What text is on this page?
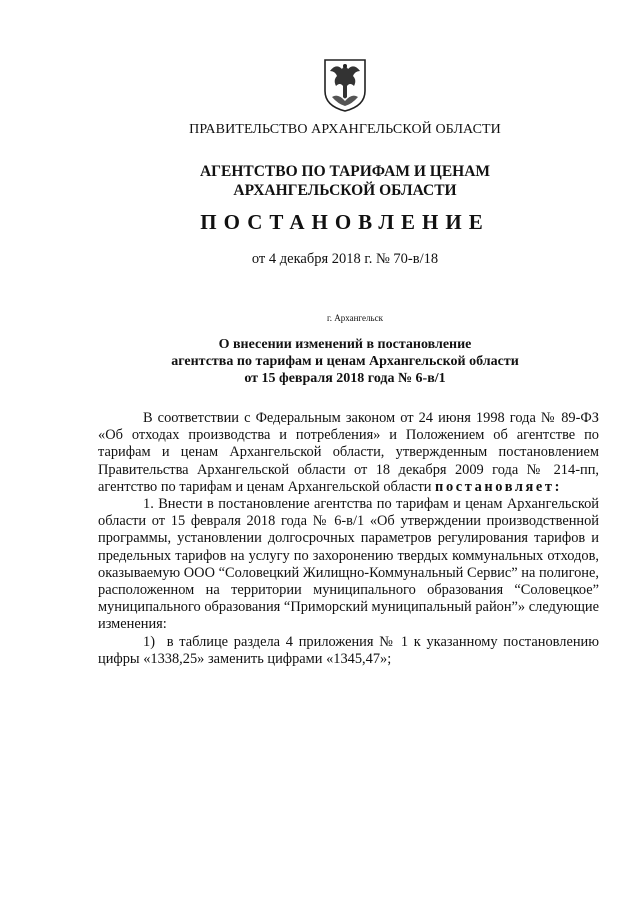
ПРАВИТЕЛЬСТВО АРХАНГЕЛЬСКОЙ ОБЛАСТИ
АГЕНТСТВО ПО ТАРИФАМ И ЦЕНАМ
АРХАНГЕЛЬСКОЙ ОБЛАСТИ
ПОСТАНОВЛЕНИЕ
от 4 декабря 2018 г. № 70-в/18
г. Архангельск
О внесении изменений в постановление
агентства по тарифам и ценам Архангельской области
от 15 февраля 2018 года № 6-в/1

В соответствии с Федеральным законом от 24 июня 1998 года № 89-ФЗ «Об отходах производства и потребления» и Положением об агентстве по тарифам и ценам Архангельской области, утвержденным постановлением Правительства Архангельской области от 18 декабря 2009 года № 214-пп, агентство по тарифам и ценам Архангельской области постановляет:

1. Внести в постановление агентства по тарифам и ценам Архангельской области от 15 февраля 2018 года № 6-в/1 «Об утверждении производственной программы, установлении долгосрочных параметров регулирования тарифов и предельных тарифов на услугу по захоронению твердых коммунальных отходов, оказываемую ООО “Соловецкий Жилищно-Коммунальный Сервис” на полигоне, расположенном на территории муниципального образования “Соловецкое” муниципального образования “Приморский муниципальный район”» следующие изменения:

1) в таблице раздела 4 приложения № 1 к указанному постановлению цифры «1338,25» заменить цифрами «1345,47»;
